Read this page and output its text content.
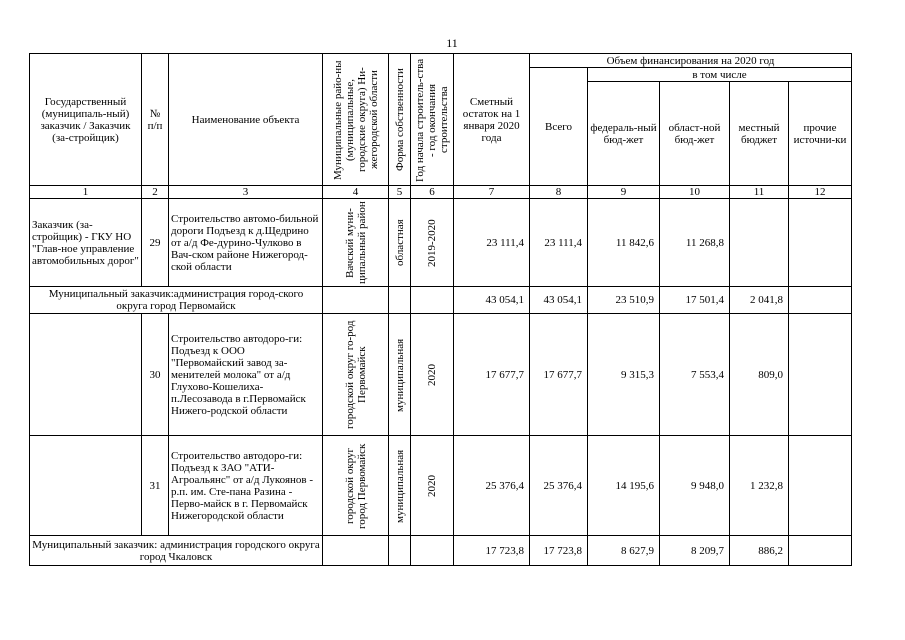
11
Государственный (муниципаль-ный) заказчик / Заказчик (за-стройщик)	№ п/п	Наименование объекта	Муниципальные райо-ны (муниципальные, городские округа) Ни-жегородской области	Форма собственности	Год начала строитель-ства - год окончания строительства	Сметный остаток на 1 января 2020 года	Объем финансирования на 2020 год				
							Всего	в том числе			
								федераль-ный бюд-жет	област-ной бюд-жет	местный бюджет	прочие источни-ки
1	2	3	4	5	6	7	8	9	10	11	12
Заказчик (за-стройщик) - ГКУ НО "Глав-ное управление автомобильных дорог"	29	Строительство автомо-бильной дороги Подъезд к д.Щедрино от а/д Фе-дурино-Чулково в Вач-ском районе Нижегород-ской области	Вачский муни-ципальный район	областная	2019-2020	23 111,4	23 111,4	11 842,6	11 268,8		
Муниципальный заказчик:администрация город-ского округа город Первомайск						43 054,1	43 054,1	23 510,9	17 501,4	2 041,8	
	30	Строительство автодоро-ги: Подъезд к ООО "Первомайский завод за-менителей молока" от а/д Глухово-Кошелиха-п.Лесозавода в г.Первомайск Нижего-родской области	городской округ го-род Первомайск	муниципальная	2020	17 677,7	17 677,7	9 315,3	7 553,4	809,0	
	31	Строительство автодоро-ги: Подъезд к ЗАО "АТИ-Агроальянс" от а/д Лукоянов - р.п. им. Сте-пана Разина - Перво-майск в г. Первомайск Нижегородской области	городской округ город Первомайск	муниципальная	2020	25 376,4	25 376,4	14 195,6	9 948,0	1 232,8	
Муниципальный заказчик: администрация городского округа город Чкаловск						17 723,8	17 723,8	8 627,9	8 209,7	886,2	
